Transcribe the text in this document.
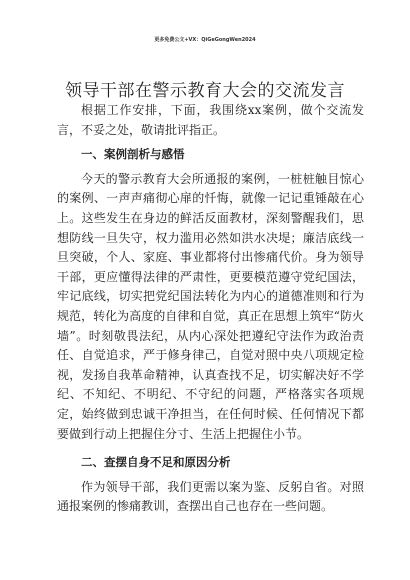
更多免费公文+VX：QiGeGongWen2024
领导干部在警示教育大会的交流发言

根据工作安排，下面，我围绕xx案例，做个交流发言，不妥之处，敬请批评指正。

一、案例剖析与感悟

今天的警示教育大会所通报的案例，一桩桩触目惊心的案例、一声声痛彻心扉的忏悔，就像一记记重锤敲在心上。这些发生在身边的鲜活反面教材，深刻警醒我们，思想防线一旦失守，权力滥用必然如洪水决堤；廉洁底线一旦突破，个人、家庭、事业都将付出惨痛代价。身为领导干部，更应懂得法律的严肃性，更要模范遵守党纪国法，牢记底线，切实把党纪国法转化为内心的道德准则和行为规范，转化为高度的自律和自觉，真正在思想上筑牢“防火墙”。时刻敬畏法纪，从内心深处把遵纪守法作为政治责任、自觉追求，严于修身律己，自觉对照中央八项规定检视，发扬自我革命精神，认真查找不足，切实解决好不学纪、不知纪、不明纪、不守纪的问题，严格落实各项规定，始终做到忠诚干净担当，在任何时候、任何情况下都要做到行动上把握住分寸、生活上把握住小节。

二、查摆自身不足和原因分析

作为领导干部，我们更需以案为鉴、反躬自省。对照通报案例的惨痛教训，查摆出自己也存在一些问题。
